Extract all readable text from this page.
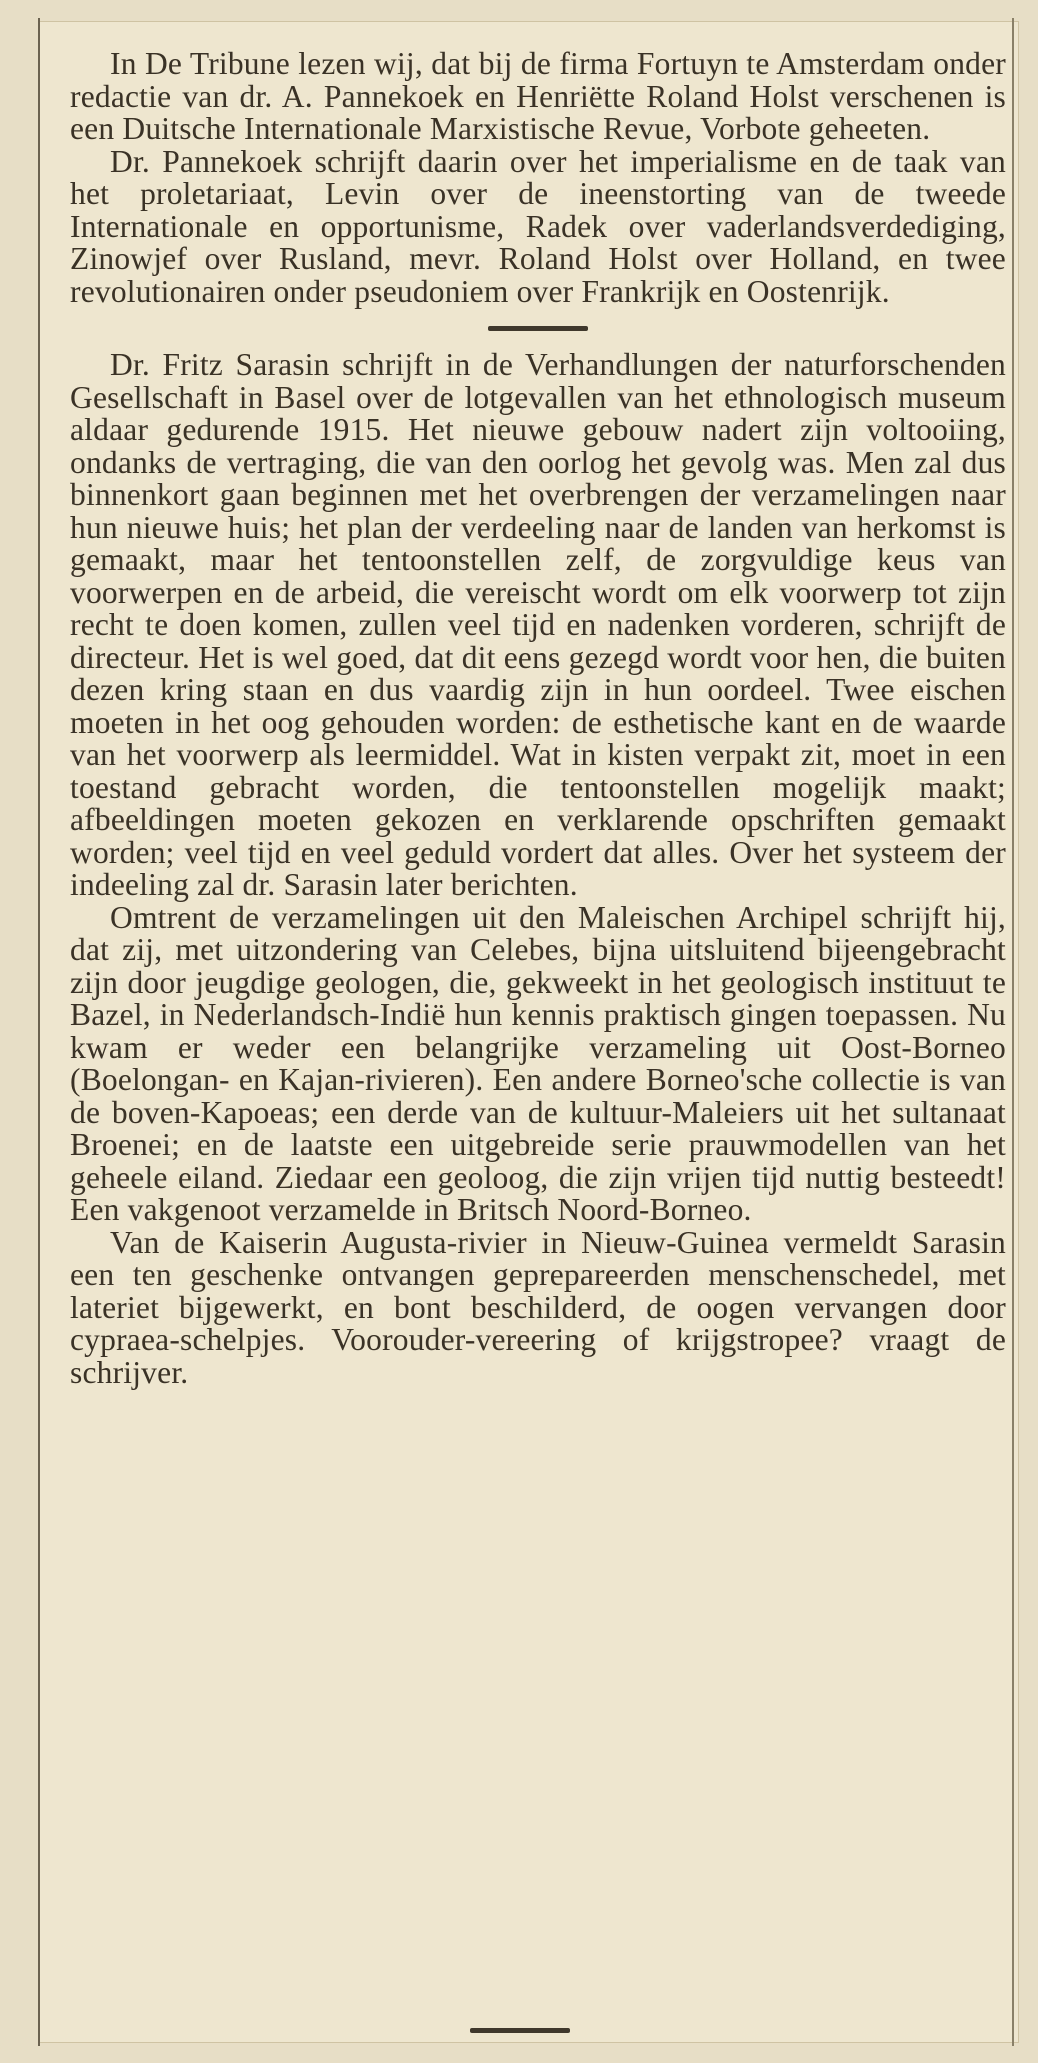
In De Tribune lezen wij, dat bij de firma Fortuyn te Amsterdam onder redactie van dr. A. Pannekoek en Henriëtte Roland Holst verschenen is een Duitsche Internationale Marxistische Revue, Vorbote geheeten.

Dr. Pannekoek schrijft daarin over het imperialisme en de taak van het proletariaat, Levin over de ineenstorting van de tweede Internationale en opportunisme, Radek over vaderlandsverdediging, Zinowjef over Rusland, mevr. Roland Holst over Holland, en twee revolutionairen onder pseudoniem over Frankrijk en Oostenrijk.

Dr. Fritz Sarasin schrijft in de Verhandlungen der naturforschenden Gesellschaft in Basel over de lotgevallen van het ethnologisch museum aldaar gedurende 1915. Het nieuwe gebouw nadert zijn voltooiing, ondanks de vertraging, die van den oorlog het gevolg was. Men zal dus binnenkort gaan beginnen met het overbrengen der verzamelingen naar hun nieuwe huis; het plan der verdeeling naar de landen van herkomst is gemaakt, maar het tentoonstellen zelf, de zorgvuldige keus van voorwerpen en de arbeid, die vereischt wordt om elk voorwerp tot zijn recht te doen komen, zullen veel tijd en nadenken vorderen, schrijft de directeur. Het is wel goed, dat dit eens gezegd wordt voor hen, die buiten dezen kring staan en dus vaardig zijn in hun oordeel. Twee eischen moeten in het oog gehouden worden: de esthetische kant en de waarde van het voorwerp als leermiddel. Wat in kisten verpakt zit, moet in een toestand gebracht worden, die tentoonstellen mogelijk maakt; afbeeldingen moeten gekozen en verklarende opschriften gemaakt worden; veel tijd en veel geduld vordert dat alles. Over het systeem der indeeling zal dr. Sarasin later berichten.

Omtrent de verzamelingen uit den Maleischen Archipel schrijft hij, dat zij, met uitzondering van Celebes, bijna uitsluitend bijeengebracht zijn door jeugdige geologen, die, gekweekt in het geologisch instituut te Bazel, in Nederlandsch-Indië hun kennis praktisch gingen toepassen. Nu kwam er weder een belangrijke verzameling uit Oost-Borneo (Boelongan- en Kajan-rivieren). Een andere Borneo'sche collectie is van de boven-Kapoeas; een derde van de kultuur-Maleiers uit het sultanaat Broenei; en de laatste een uitgebreide serie prauwmodellen van het geheele eiland. Ziedaar een geoloog, die zijn vrijen tijd nuttig besteedt! Een vakgenoot verzamelde in Britsch Noord-Borneo.

Van de Kaiserin Augusta-rivier in Nieuw-Guinea vermeldt Sarasin een ten geschenke ontvangen geprepareerden menschenschedel, met lateriet bijgewerkt, en bont beschilderd, de oogen vervangen door cypraea-schelpjes. Voorouder-vereering of krijgstropee? vraagt de schrijver.
